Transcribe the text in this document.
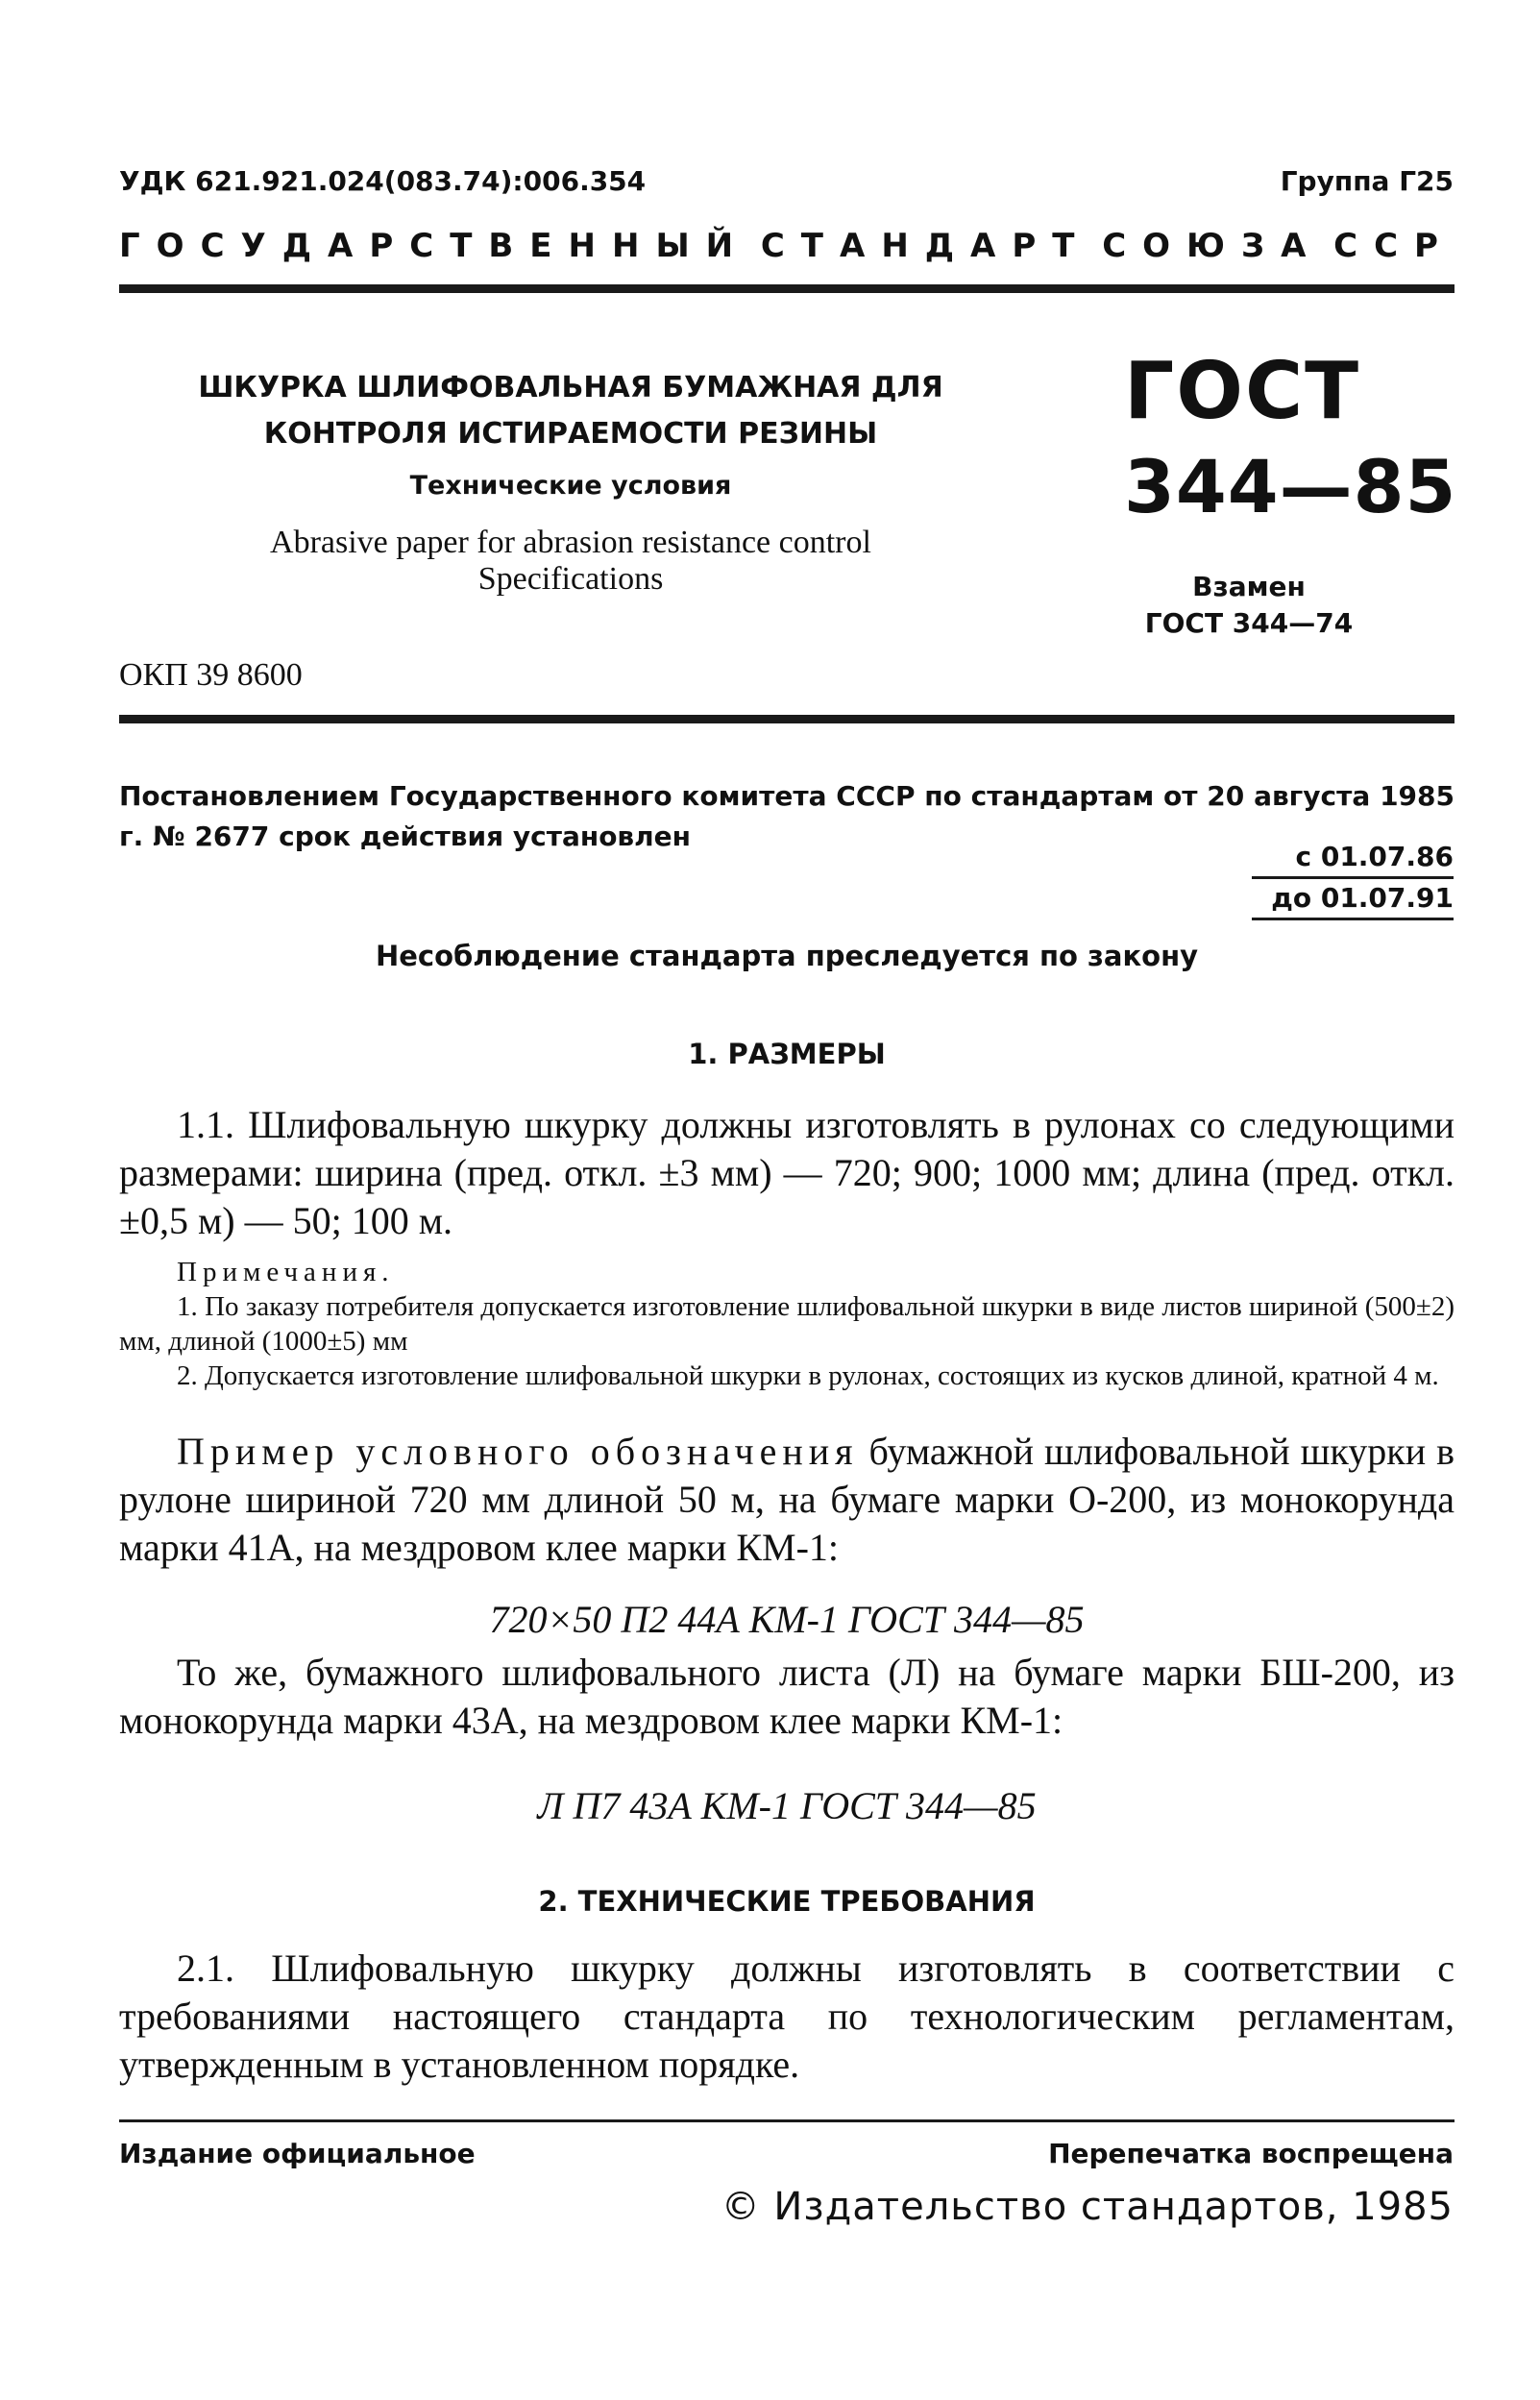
УДК 621.921.024(083.74):006.354	Группа Г25
ГОСУДАРСТВЕННЫЙ СТАНДАРТ СОЮЗА ССР
ШКУРКА ШЛИФОВАЛЬНАЯ БУМАЖНАЯ ДЛЯ
КОНТРОЛЯ ИСТИРАЕМОСТИ РЕЗИНЫ
Технические условия
Abrasive paper for abrasion resistance control
Specifications
ОКП 39 8600
ГОСТ
344—85
Взамен
ГОСТ 344—74
Постановлением Государственного комитета СССР по стандартам от 20 августа 1985 г. № 2677 срок действия установлен
с 01.07.86
до 01.07.91
Несоблюдение стандарта преследуется по закону
1. РАЗМЕРЫ
1.1. Шлифовальную шкурку должны изготовлять в рулонах со следующими размерами: ширина (пред. откл. ±3 мм) — 720; 900; 1000 мм; длина (пред. откл. ±0,5 м) — 50; 100 м.
Примечания.
1. По заказу потребителя допускается изготовление шлифовальной шкурки в виде листов шириной (500±2) мм, длиной (1000±5) мм
2. Допускается изготовление шлифовальной шкурки в рулонах, состоящих из кусков длиной, кратной 4 м.
Пример условного обозначения бумажной шлифовальной шкурки в рулоне шириной 720 мм длиной 50 м, на бумаге марки О-200, из монокорунда марки 41А, на мездровом клее марки КМ-1:
720×50 П2 44А КМ-1 ГОСТ 344—85
То же, бумажного шлифовального листа (Л) на бумаге марки БШ-200, из монокорунда марки 43А, на мездровом клее марки КМ-1:
Л П7 43А КМ-1 ГОСТ 344—85
2. ТЕХНИЧЕСКИЕ ТРЕБОВАНИЯ
2.1. Шлифовальную шкурку должны изготовлять в соответствии с требованиями настоящего стандарта по технологическим регламентам, утвержденным в установленном порядке.
Издание официальное	Перепечатка воспрещена
© Издательство стандартов, 1985
